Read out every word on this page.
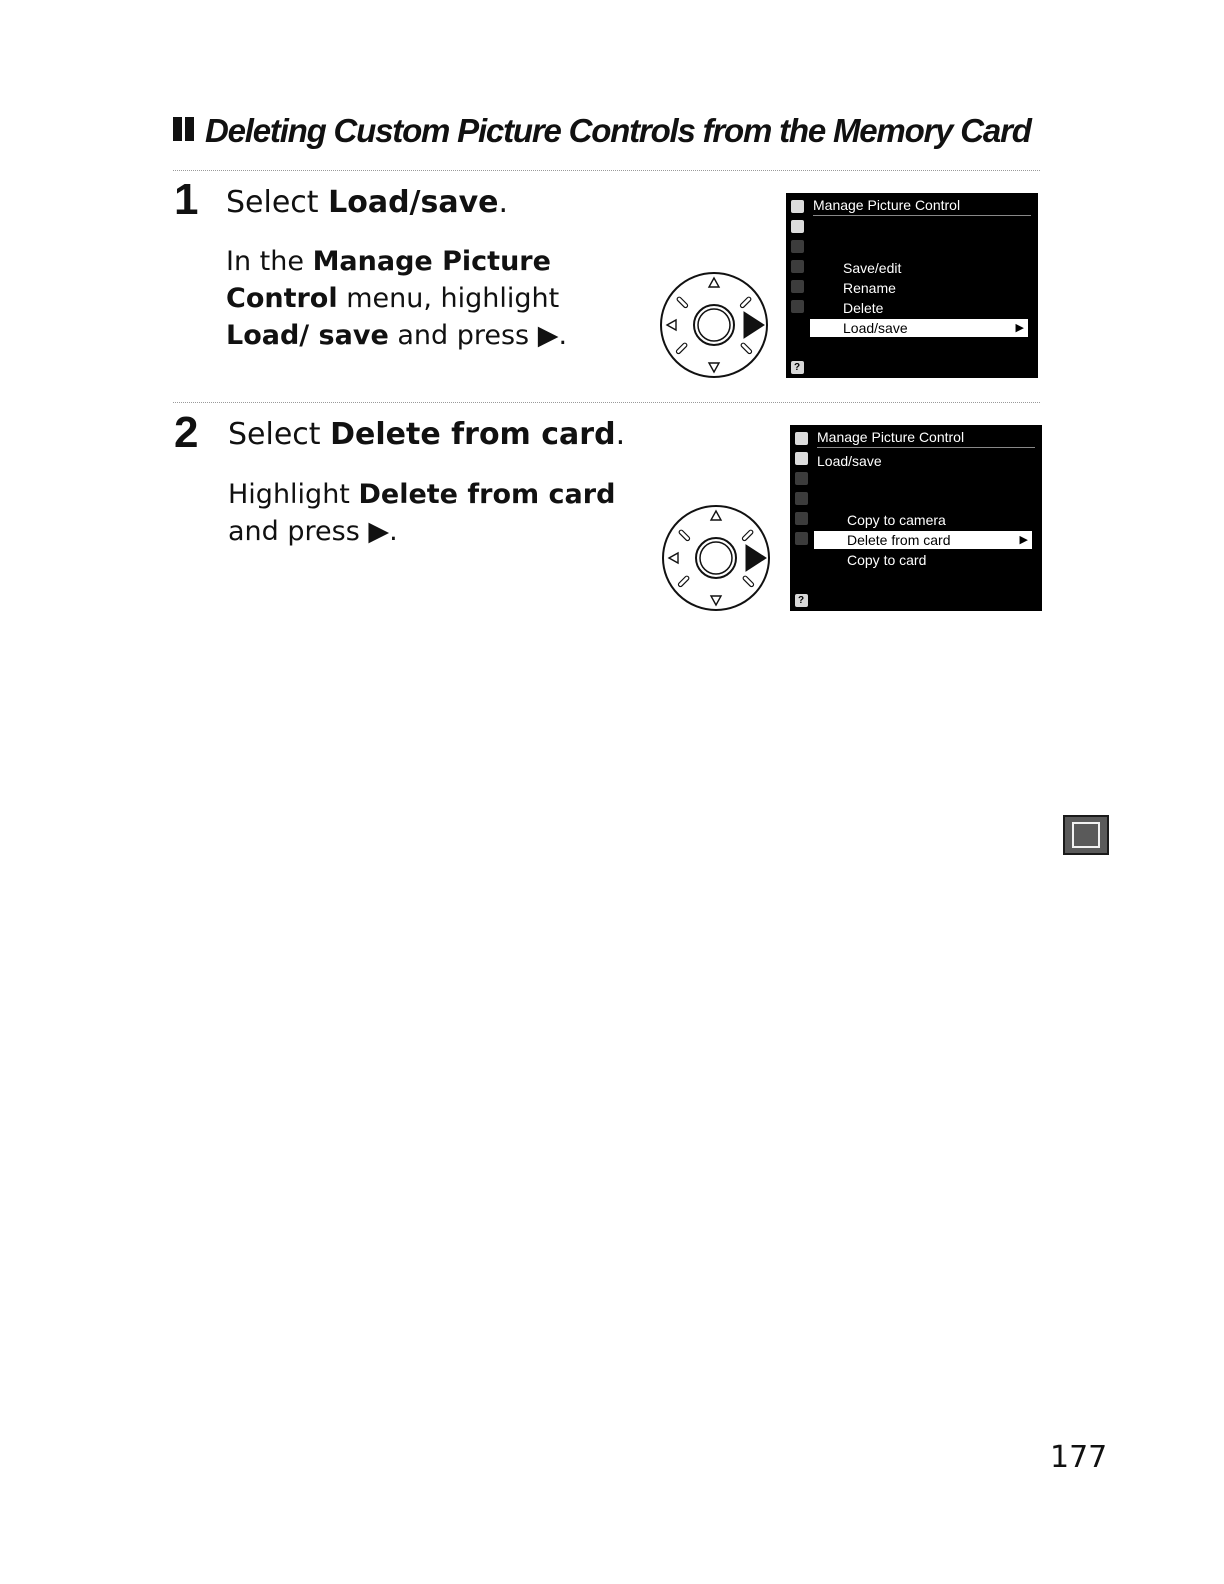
Deleting Custom Picture Controls from the Memory Card
1 Select Load/save.
In the Manage Picture Control menu, highlight Load/ save and press ▶.
?
Manage Picture Control
Save/edit
Rename
Delete
Load/save	▶
2 Select Delete from card.
Highlight Delete from card and press ▶.
?
Manage Picture Control
Load/save
Copy to camera
Delete from card	▶
Copy to card
177
